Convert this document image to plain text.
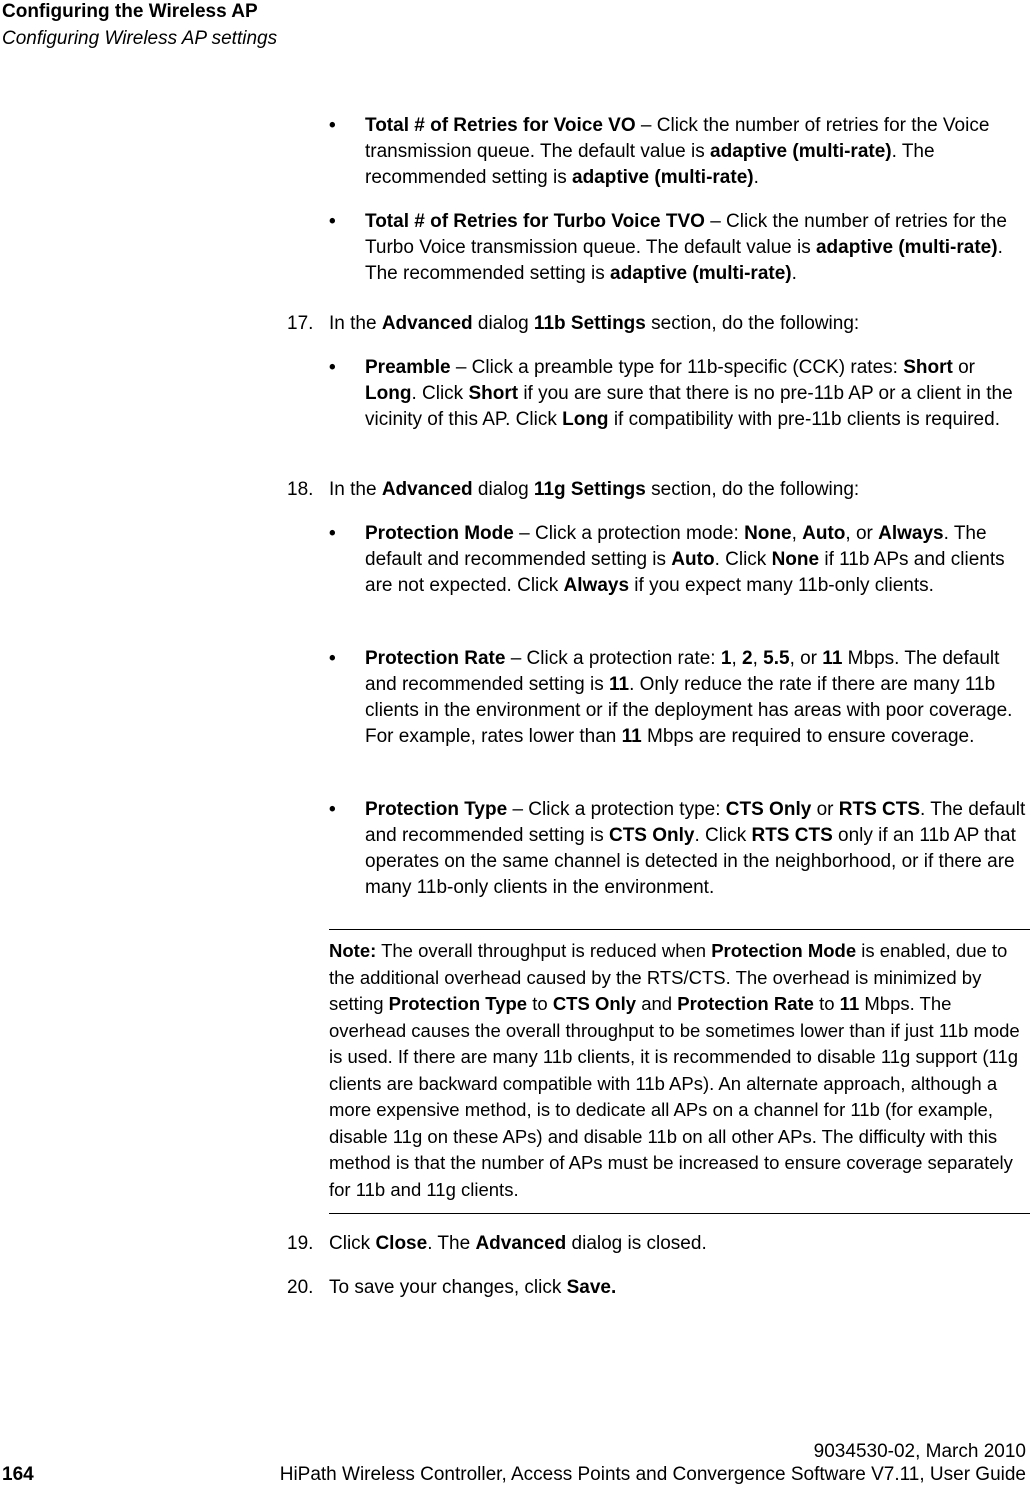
Configuring the Wireless AP
Configuring Wireless AP settings
• Total # of Retries for Voice VO – Click the number of retries for the Voice transmission queue. The default value is adaptive (multi-rate). The recommended setting is adaptive (multi-rate).
• Total # of Retries for Turbo Voice TVO – Click the number of retries for the Turbo Voice transmission queue. The default value is adaptive (multi-rate). The recommended setting is adaptive (multi-rate).
17. In the Advanced dialog 11b Settings section, do the following:
• Preamble – Click a preamble type for 11b-specific (CCK) rates: Short or Long. Click Short if you are sure that there is no pre-11b AP or a client in the vicinity of this AP. Click Long if compatibility with pre-11b clients is required.
18. In the Advanced dialog 11g Settings section, do the following:
• Protection Mode – Click a protection mode: None, Auto, or Always. The default and recommended setting is Auto. Click None if 11b APs and clients are not expected. Click Always if you expect many 11b-only clients.
• Protection Rate – Click a protection rate: 1, 2, 5.5, or 11 Mbps. The default and recommended setting is 11. Only reduce the rate if there are many 11b clients in the environment or if the deployment has areas with poor coverage. For example, rates lower than 11 Mbps are required to ensure coverage.
• Protection Type – Click a protection type: CTS Only or RTS CTS. The default and recommended setting is CTS Only. Click RTS CTS only if an 11b AP that operates on the same channel is detected in the neighborhood, or if there are many 11b-only clients in the environment.
Note: The overall throughput is reduced when Protection Mode is enabled, due to the additional overhead caused by the RTS/CTS. The overhead is minimized by setting Protection Type to CTS Only and Protection Rate to 11 Mbps. The overhead causes the overall throughput to be sometimes lower than if just 11b mode is used. If there are many 11b clients, it is recommended to disable 11g support (11g clients are backward compatible with 11b APs). An alternate approach, although a more expensive method, is to dedicate all APs on a channel for 11b (for example, disable 11g on these APs) and disable 11b on all other APs. The difficulty with this method is that the number of APs must be increased to ensure coverage separately for 11b and 11g clients.
19. Click Close. The Advanced dialog is closed.
20. To save your changes, click Save.
9034530-02, March 2010
164	HiPath Wireless Controller, Access Points and Convergence Software V7.11, User Guide
